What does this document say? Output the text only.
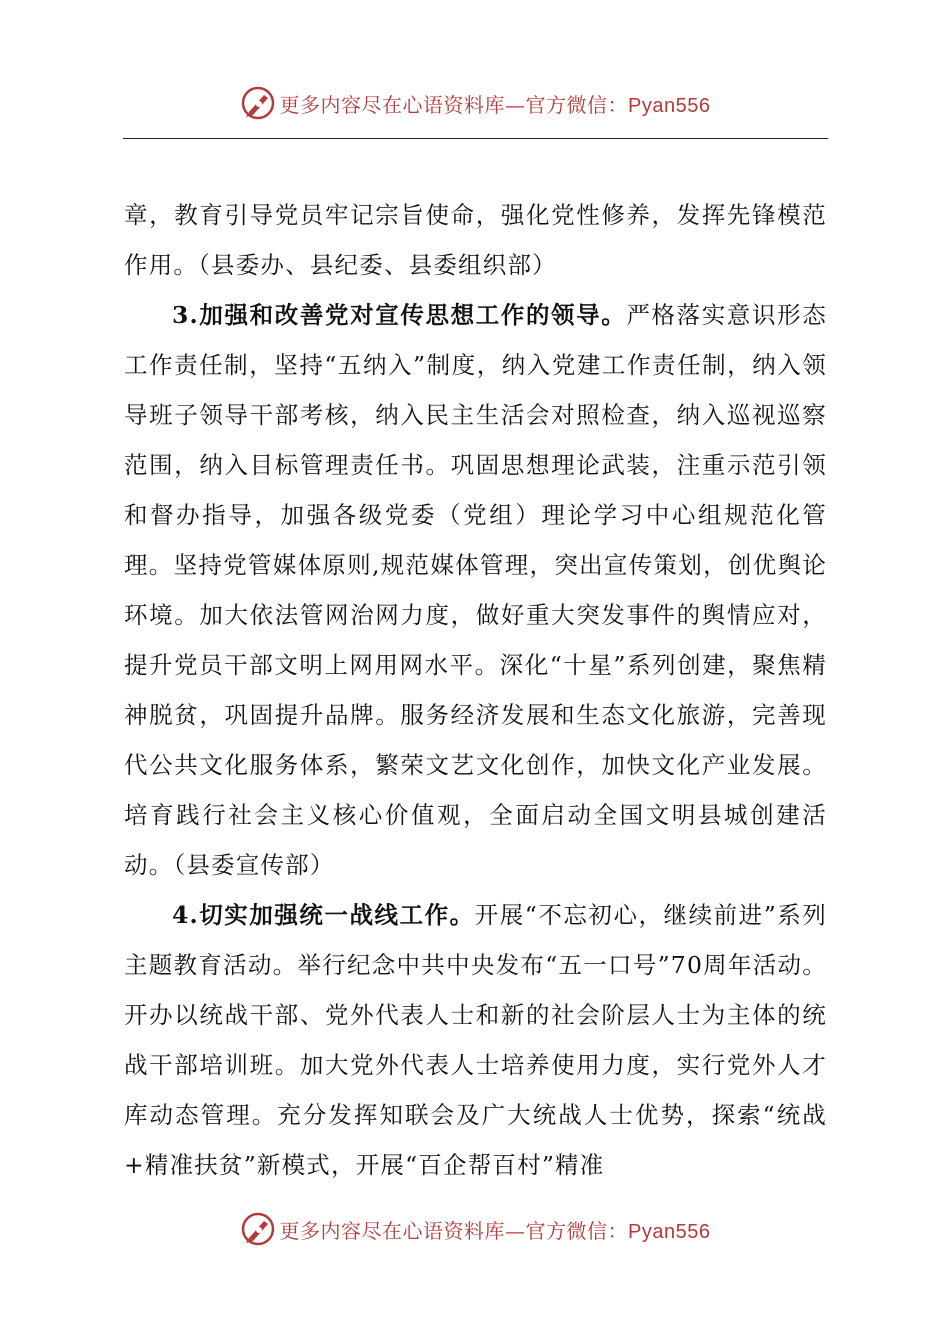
更多内容尽在心语资料库—官方微信：Pyan556

章，教育引导党员牢记宗旨使命，强化党性修养，发挥先锋模范作用。（县委办、县纪委、县委组织部）

3.加强和改善党对宣传思想工作的领导。严格落实意识形态工作责任制，坚持“五纳入”制度，纳入党建工作责任制，纳入领导班子领导干部考核，纳入民主生活会对照检查，纳入巡视巡察范围，纳入目标管理责任书。巩固思想理论武装，注重示范引领和督办指导，加强各级党委（党组）理论学习中心组规范化管理。坚持党管媒体原则,规范媒体管理，突出宣传策划，创优舆论环境。加大依法管网治网力度，做好重大突发事件的舆情应对，提升党员干部文明上网用网水平。深化“十星”系列创建，聚焦精神脱贫，巩固提升品牌。服务经济发展和生态文化旅游，完善现代公共文化服务体系，繁荣文艺文化创作，加快文化产业发展。培育践行社会主义核心价值观，全面启动全国文明县城创建活动。（县委宣传部）

4.切实加强统一战线工作。开展“不忘初心，继续前进”系列主题教育活动。举行纪念中共中央发布“五一口号”70周年活动。开办以统战干部、党外代表人士和新的社会阶层人士为主体的统战干部培训班。加大党外代表人士培养使用力度，实行党外人才库动态管理。充分发挥知联会及广大统战人士优势，探索“统战+精准扶贫”新模式，开展“百企帮百村”精准

更多内容尽在心语资料库—官方微信：Pyan556
